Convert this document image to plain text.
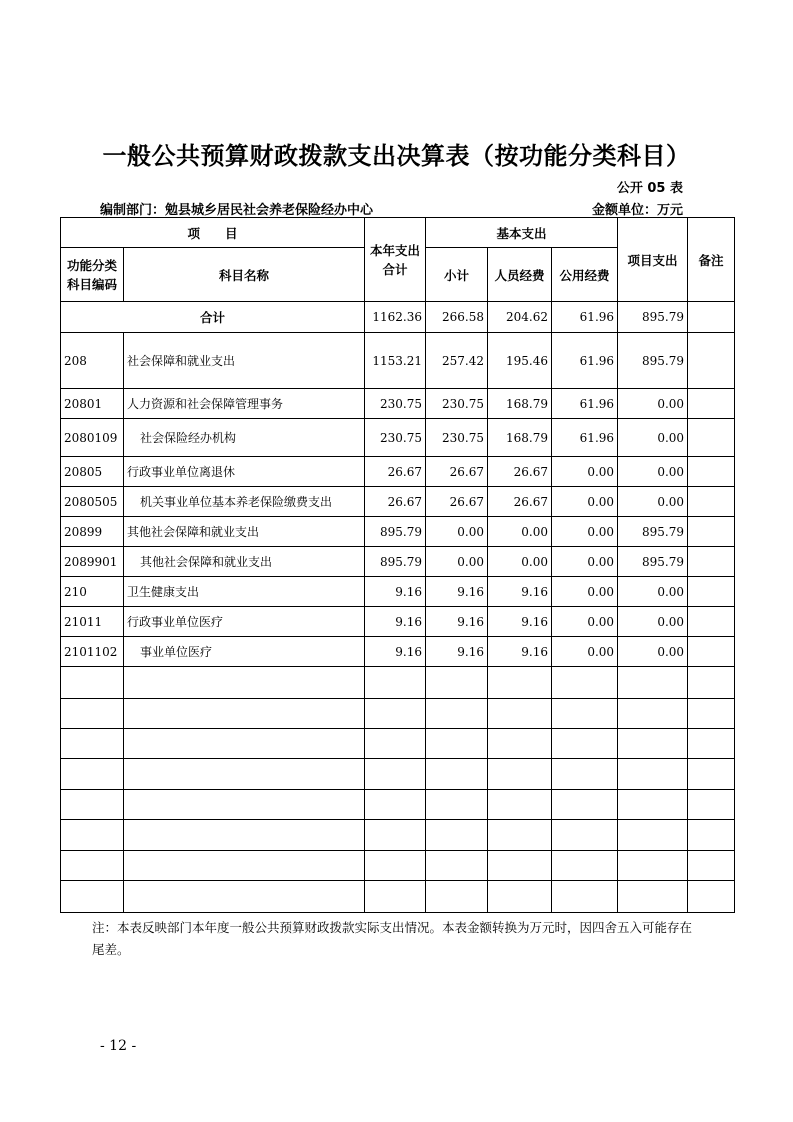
一般公共预算财政拨款支出决算表（按功能分类科目）
公开 05 表
编制部门：勉县城乡居民社会养老保险经办中心	金额单位：万元
项　　目		本年支出合计	基本支出			项目支出	备注
功能分类科目编码	科目名称		小计	人员经费	公用经费		
合计		1162.36	266.58	204.62	61.96	895.79	
208	社会保障和就业支出	1153.21	257.42	195.46	61.96	895.79	
20801	人力资源和社会保障管理事务	230.75	230.75	168.79	61.96	0.00	
2080109	社会保险经办机构	230.75	230.75	168.79	61.96	0.00	
20805	行政事业单位离退休	26.67	26.67	26.67	0.00	0.00	
2080505	机关事业单位基本养老保险缴费支出	26.67	26.67	26.67	0.00	0.00	
20899	其他社会保障和就业支出	895.79	0.00	0.00	0.00	895.79	
2089901	其他社会保障和就业支出	895.79	0.00	0.00	0.00	895.79	
210	卫生健康支出	9.16	9.16	9.16	0.00	0.00	
21011	行政事业单位医疗	9.16	9.16	9.16	0.00	0.00	
2101102	事业单位医疗	9.16	9.16	9.16	0.00	0.00	

注：本表反映部门本年度一般公共预算财政拨款实际支出情况。本表金额转换为万元时，因四舍五入可能存在尾差。
- 12 -
